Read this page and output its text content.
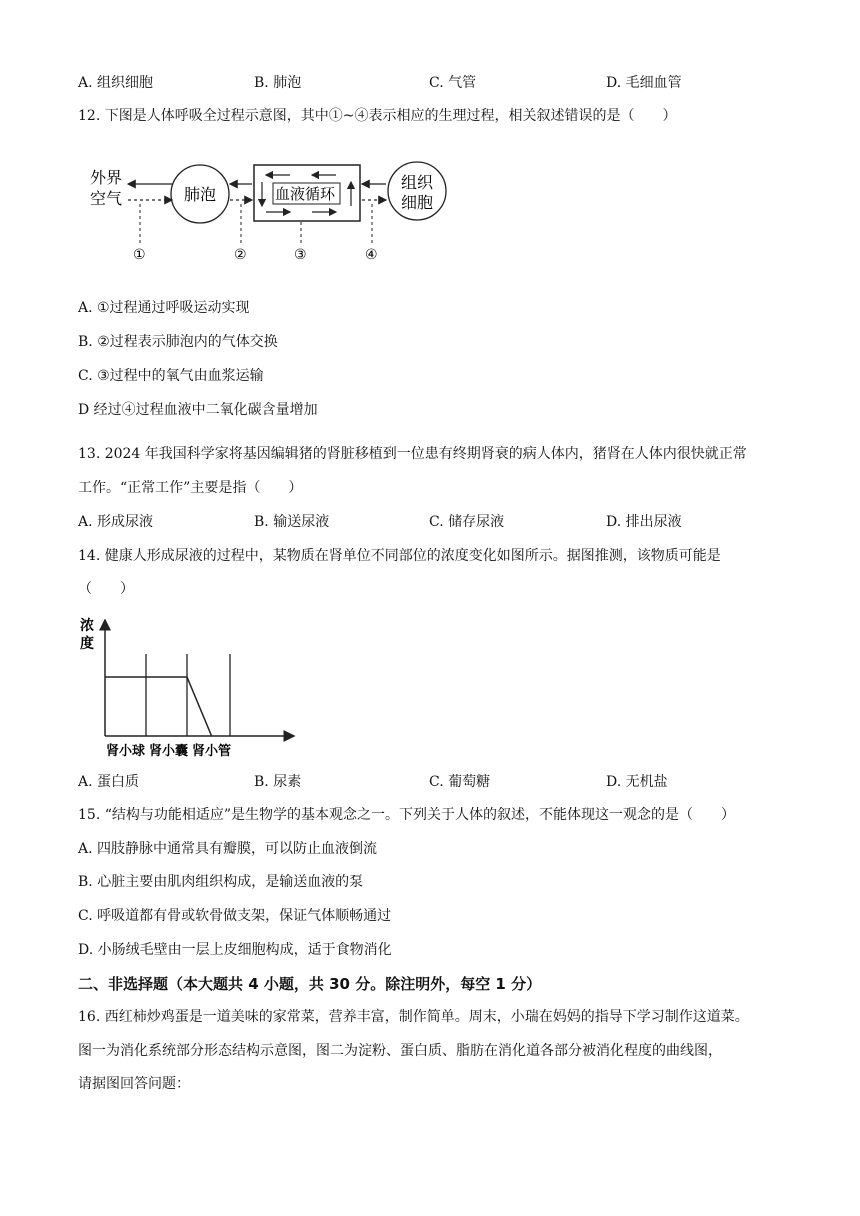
A. 组织细胞	B. 肺泡	C. 气管	D. 毛细血管
12. 下图是人体呼吸全过程示意图，其中①~④表示相应的生理过程，相关叙述错误的是（　　）
外界
空气	肺泡	血液循环
组织
细胞
①	②	③	④
A. ①过程通过呼吸运动实现
B. ②过程表示肺泡内的气体交换
C. ③过程中的氧气由血浆运输
D 经过④过程血液中二氧化碳含量增加
13. 2024 年我国科学家将基因编辑猪的肾脏移植到一位患有终期肾衰的病人体内，猪肾在人体内很快就正常
工作。“正常工作”主要是指（　　）
A. 形成尿液	B. 输送尿液	C. 储存尿液	D. 排出尿液
14. 健康人形成尿液的过程中，某物质在肾单位不同部位的浓度变化如图所示。据图推测，该物质可能是
（　　）
浓
度
肾小球 肾小囊 肾小管
A. 蛋白质	B. 尿素	C. 葡萄糖	D. 无机盐
15. “结构与功能相适应”是生物学的基本观念之一。下列关于人体的叙述，不能体现这一观念的是（　　）
A. 四肢静脉中通常具有瓣膜，可以防止血液倒流
B. 心脏主要由肌肉组织构成，是输送血液的泵
C. 呼吸道都有骨或软骨做支架，保证气体顺畅通过
D. 小肠绒毛壁由一层上皮细胞构成，适于食物消化
二、非选择题（本大题共 4 小题，共 30 分。除注明外，每空 1 分）
16. 西红柿炒鸡蛋是一道美味的家常菜，营养丰富，制作简单。周末，小瑞在妈妈的指导下学习制作这道菜。
图一为消化系统部分形态结构示意图，图二为淀粉、蛋白质、脂肪在消化道各部分被消化程度的曲线图，
请据图回答问题：
